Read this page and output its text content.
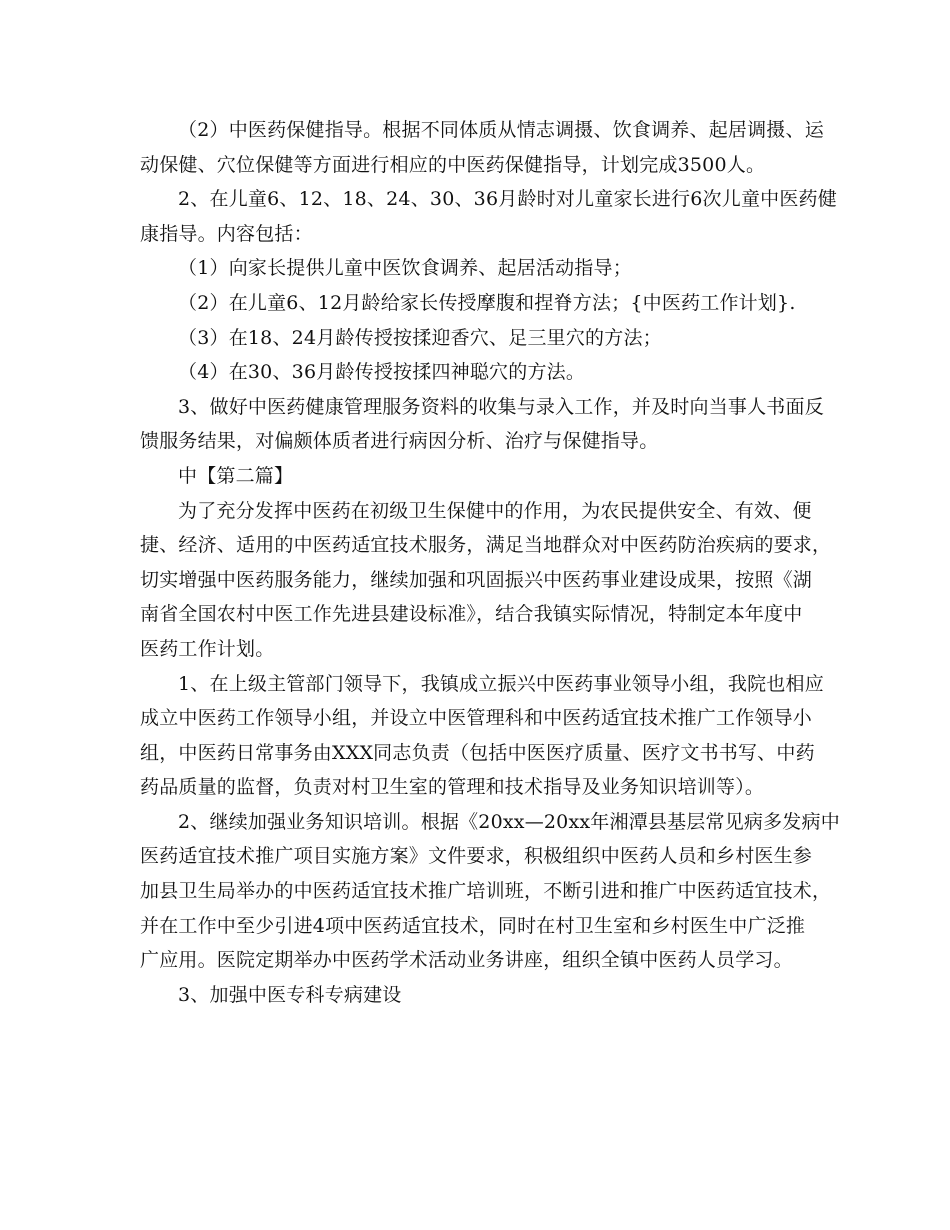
（2）中医药保健指导。根据不同体质从情志调摄、饮食调养、起居调摄、运
动保健、穴位保健等方面进行相应的中医药保健指导，计划完成3500人。
2、在儿童6、12、18、24、30、36月龄时对儿童家长进行6次儿童中医药健
康指导。内容包括：
（1）向家长提供儿童中医饮食调养、起居活动指导；
（2）在儿童6、12月龄给家长传授摩腹和捏脊方法；{中医药工作计划}.
（3）在18、24月龄传授按揉迎香穴、足三里穴的方法；
（4）在30、36月龄传授按揉四神聪穴的方法。
3、做好中医药健康管理服务资料的收集与录入工作，并及时向当事人书面反
馈服务结果，对偏颇体质者进行病因分析、治疗与保健指导。
中【第二篇】
为了充分发挥中医药在初级卫生保健中的作用，为农民提供安全、有效、便
捷、经济、适用的中医药适宜技术服务，满足当地群众对中医药防治疾病的要求，
切实增强中医药服务能力，继续加强和巩固振兴中医药事业建设成果，按照《湖
南省全国农村中医工作先进县建设标准》，结合我镇实际情况，特制定本年度中
医药工作计划。
1、在上级主管部门领导下，我镇成立振兴中医药事业领导小组，我院也相应
成立中医药工作领导小组，并设立中医管理科和中医药适宜技术推广工作领导小
组，中医药日常事务由XXX同志负责（包括中医医疗质量、医疗文书书写、中药
药品质量的监督，负责对村卫生室的管理和技术指导及业务知识培训等）。
2、继续加强业务知识培训。根据《20xx—20xx年湘潭县基层常见病多发病中
医药适宜技术推广项目实施方案》文件要求，积极组织中医药人员和乡村医生参
加县卫生局举办的中医药适宜技术推广培训班，不断引进和推广中医药适宜技术，
并在工作中至少引进4项中医药适宜技术，同时在村卫生室和乡村医生中广泛推
广应用。医院定期举办中医药学术活动业务讲座，组织全镇中医药人员学习。
3、加强中医专科专病建设
